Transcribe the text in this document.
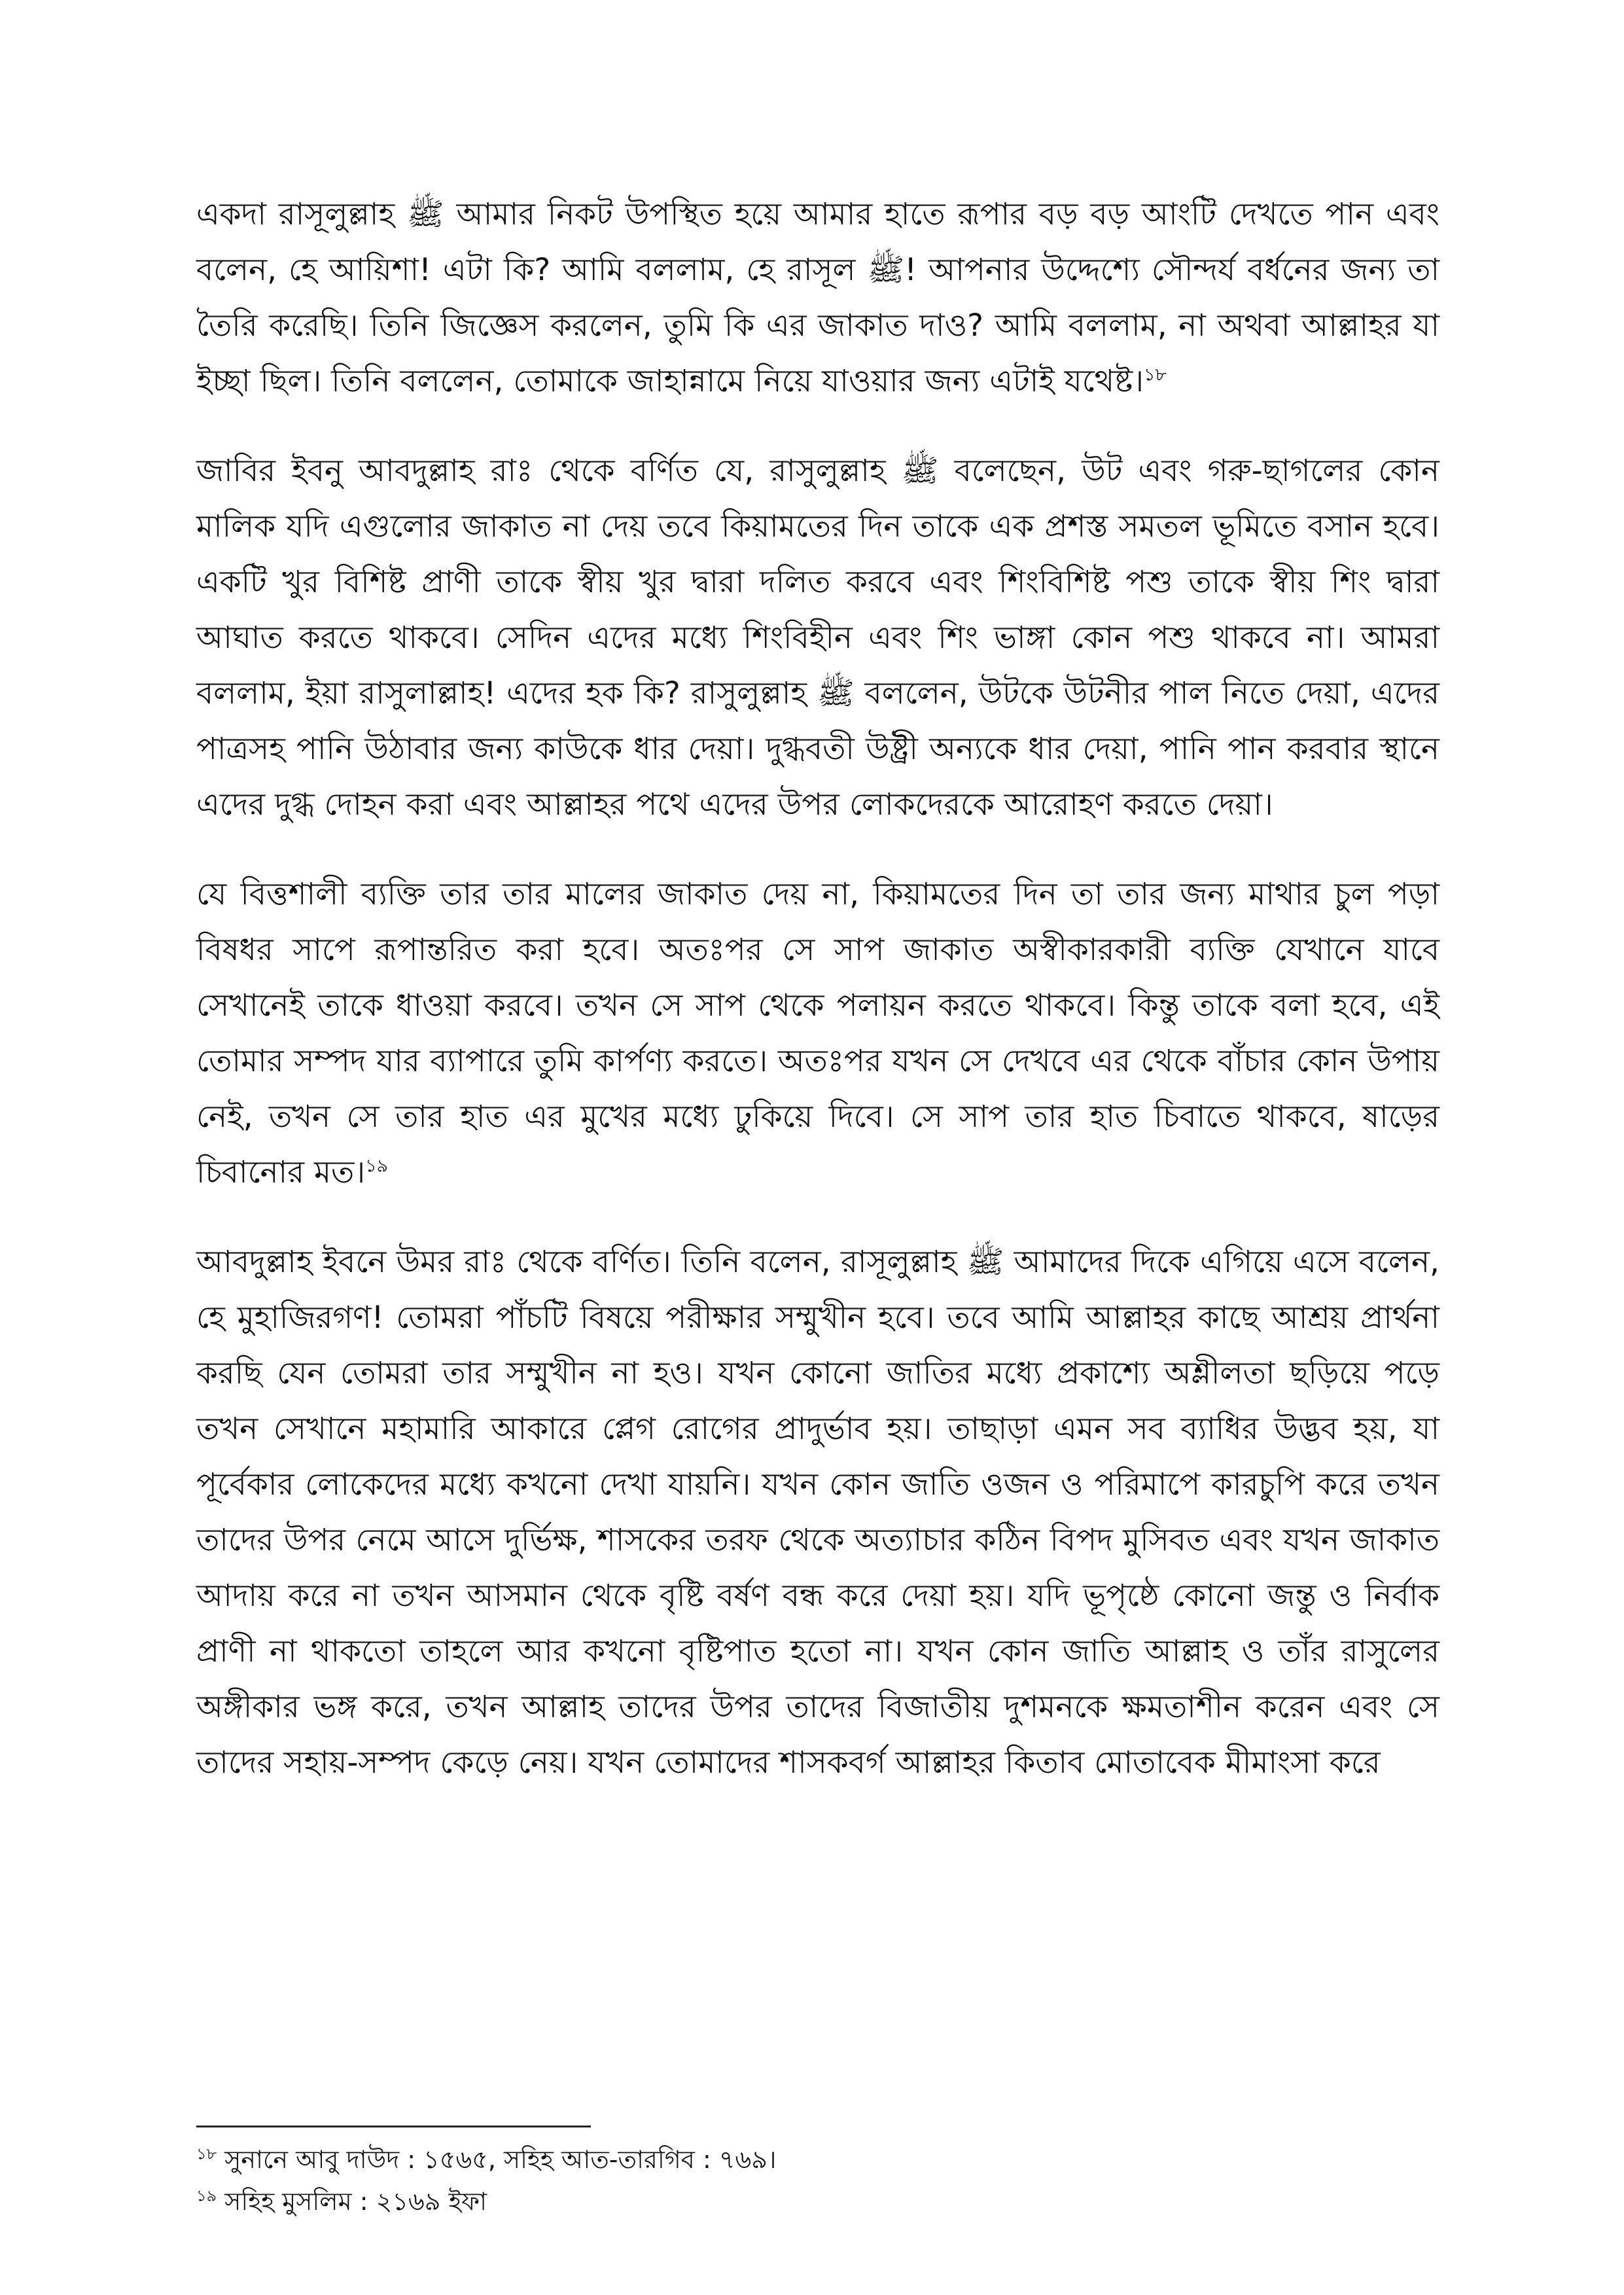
একদা রাসূলুল্লাহ ﷺ আমার নিকট উপস্থিত হয়ে আমার হাতে রূপার বড় বড় আংটি দেখতে পান এবং বলেন, হে আয়িশা! এটা কি? আমি বললাম, হে রাসূল ﷺ! আপনার উদ্দেশ্যে সৌন্দর্য বর্ধনের জন্য তা তৈরি করেছি। তিনি জিজ্ঞেস করলেন, তুমি কি এর জাকাত দাও? আমি বললাম, না অথবা আল্লাহর যা ইচ্ছা ছিল। তিনি বললেন, তোমাকে জাহান্নামে নিয়ে যাওয়ার জন্য এটাই যথেষ্ট।$^{১৮}$

জাবির ইবনু আবদুল্লাহ রাঃ থেকে বর্ণিত যে, রাসুলুল্লাহ ﷺ বলেছেন, উট এবং গরু-ছাগলের কোন মালিক যদি এগুলোর জাকাত না দেয় তবে কিয়ামতের দিন তাকে এক প্রশস্ত সমতল ভূমিতে বসান হবে। একটি খুর বিশিষ্ট প্রাণী তাকে স্বীয় খুর দ্বারা দলিত করবে এবং শিংবিশিষ্ট পশু তাকে স্বীয় শিং দ্বারা আঘাত করতে থাকবে। সেদিন এদের মধ্যে শিংবিহীন এবং শিং ভাঙ্গা কোন পশু থাকবে না। আমরা বললাম, ইয়া রাসুলাল্লাহ! এদের হক কি? রাসুলুল্লাহ ﷺ বললেন, উটকে উটনীর পাল নিতে দেয়া, এদের পাত্রসহ পানি উঠাবার জন্য কাউকে ধার দেয়া। দুগ্ধবতী উষ্ট্রী অন্যকে ধার দেয়া, পানি পান করবার স্থানে এদের দুগ্ধ দোহন করা এবং আল্লাহর পথে এদের উপর লোকদেরকে আরোহণ করতে দেয়া।

যে বিত্তশালী ব্যক্তি তার তার মালের জাকাত দেয় না, কিয়ামতের দিন তা তার জন্য মাথার চুল পড়া বিষধর সাপে রূপান্তরিত করা হবে। অতঃপর সে সাপ জাকাত অস্বীকারকারী ব্যক্তি যেখানে যাবে সেখানেই তাকে ধাওয়া করবে। তখন সে সাপ থেকে পলায়ন করতে থাকবে। কিন্তু তাকে বলা হবে, এই তোমার সম্পদ যার ব্যাপারে তুমি কার্পণ্য করতে। অতঃপর যখন সে দেখবে এর থেকে বাঁচার কোন উপায় নেই, তখন সে তার হাত এর মুখের মধ্যে ঢুকিয়ে দিবে। সে সাপ তার হাত চিবাতে থাকবে, ষাড়ের চিবানোর মত।$^{১৯}$

আবদুল্লাহ ইবনে উমর রাঃ থেকে বর্ণিত। তিনি বলেন, রাসূলুল্লাহ ﷺ আমাদের দিকে এগিয়ে এসে বলেন, হে মুহাজিরগণ! তোমরা পাঁচটি বিষয়ে পরীক্ষার সম্মুখীন হবে। তবে আমি আল্লাহর কাছে আশ্রয় প্রার্থনা করছি যেন তোমরা তার সম্মুখীন না হও। যখন কোনো জাতির মধ্যে প্রকাশ্যে অশ্লীলতা ছড়িয়ে পড়ে তখন সেখানে মহামারি আকারে প্লেগ রোগের প্রাদুর্ভাব হয়। তাছাড়া এমন সব ব্যাধির উদ্ভব হয়, যা পূর্বেকার লোকেদের মধ্যে কখনো দেখা যায়নি। যখন কোন জাতি ওজন ও পরিমাপে কারচুপি করে তখন তাদের উপর নেমে আসে দুর্ভিক্ষ, শাসকের তরফ থেকে অত্যাচার কঠিন বিপদ মুসিবত এবং যখন জাকাত আদায় করে না তখন আসমান থেকে বৃষ্টি বর্ষণ বন্ধ করে দেয়া হয়। যদি ভূপৃষ্ঠে কোনো জন্তু ও নির্বাক প্রাণী না থাকতো তাহলে আর কখনো বৃষ্টিপাত হতো না। যখন কোন জাতি আল্লাহ ও তাঁর রাসুলের অঙ্গীকার ভঙ্গ করে, তখন আল্লাহ তাদের উপর তাদের বিজাতীয় দুশমনকে ক্ষমতাশীন করেন এবং সে তাদের সহায়-সম্পদ কেড়ে নেয়। যখন তোমাদের শাসকবর্গ আল্লাহর কিতাব মোতাবেক মীমাংসা করে

$^{১৮}$ সুনানে আবু দাউদ : ১৫৬৫, সহিহ আত-তারগিব : ৭৬৯।

$^{১৯}$ সহিহ মুসলিম : ২১৬৯ ইফা
